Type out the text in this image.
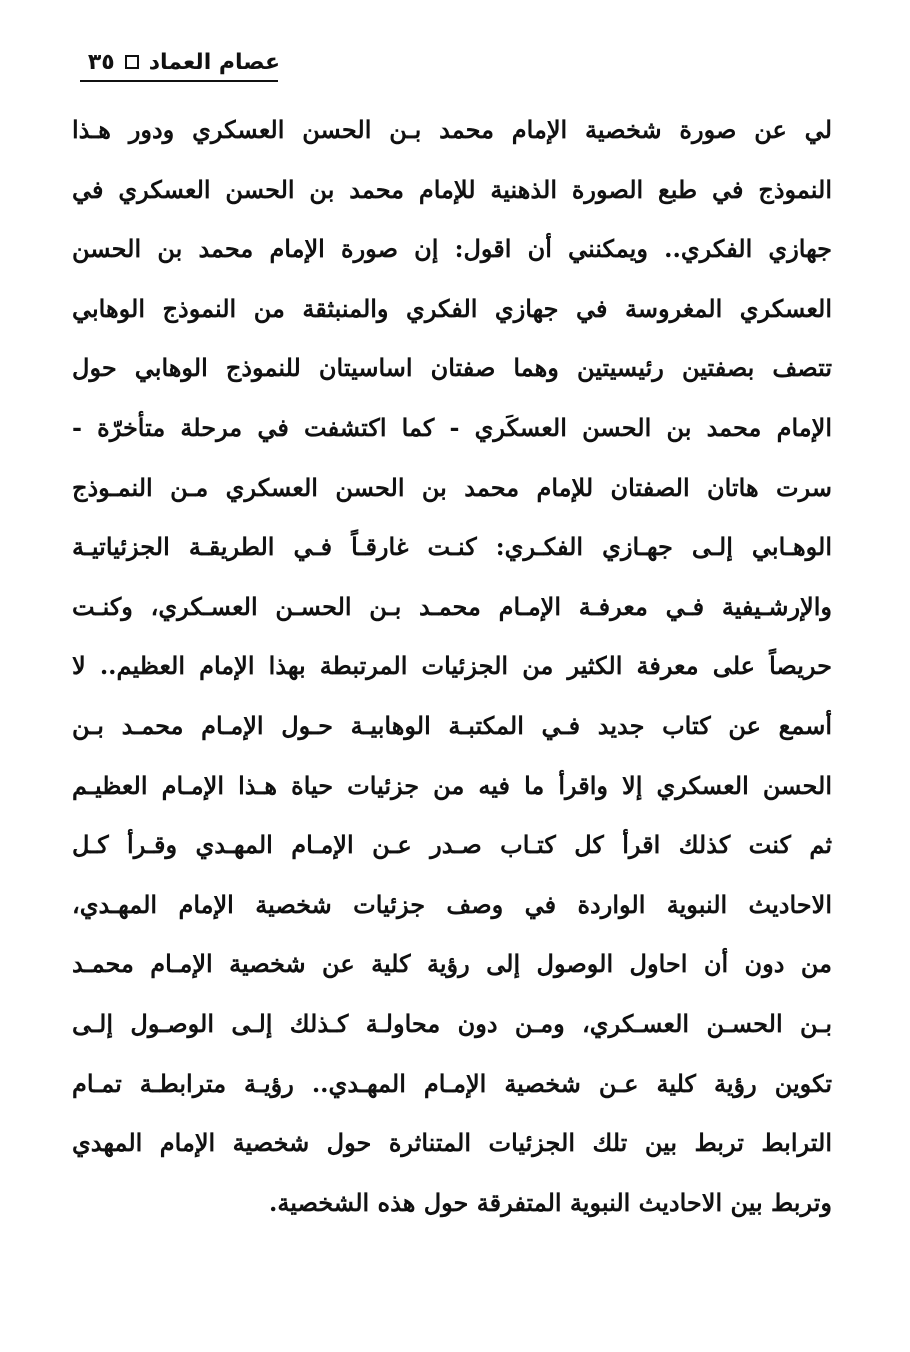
عصام العماد
٣٥
لي عن صورة شخصية الإمام محمد بـن الحسن العسكري ودور هـذا
النموذج في طبع الصورة الذهنية للإمام محمد بن الحسن العسكري في
جهازي الفكري.. ويمكنني أن اقول: إن صورة الإمام محمد بن الحسن
العسكري المغروسة في جهازي الفكري والمنبثقة من النموذج الوهابي
تتصف بصفتين رئيسيتين وهما صفتان اساسيتان للنموذج الوهابي حول
الإمام محمد بن الحسن العسكَري - كما اكتشفت في مرحلة متأخرّة -
سرت هاتان الصفتان للإمام محمد بن الحسن العسكري مـن النمـوذج
الوهـابي إلـى جهـازي الفكـري: كنـت غارقـاً فـي الطريقـة الجزئياتيـة
والإرشـيفية فـي معرفـة الإمـام محمـد بـن الحسـن العسـكري، وكنـت
حريصاً على معرفة الكثير من الجزئيات المرتبطة بهذا الإمام العظيم.. لا
أسمع عن كتاب جديد فـي المكتبـة الوهابيـة حـول الإمـام محمـد بـن
الحسن العسكري إلا واقرأ ما فيه من جزئيات حياة هـذا الإمـام العظيـم
ثم كنت كذلك اقرأ كل كتـاب صـدر عـن الإمـام المهـدي وقـرأ كـل
الاحاديث النبوية الواردة في وصف جزئيات شخصية الإمام المهـدي،
من دون أن احاول الوصول إلى رؤية كلية عن شخصية الإمـام محمـد
بـن الحسـن العسـكري، ومـن دون محاولـة كـذلك إلـى الوصـول إلـى
تكوين رؤية كلية عـن شخصية الإمـام المهـدي.. رؤيـة مترابطـة تمـام
الترابط تربط بين تلك الجزئيات المتناثرة حول شخصية الإمام المهدي
وتربط بين الاحاديث النبوية المتفرقة حول هذه الشخصية.
